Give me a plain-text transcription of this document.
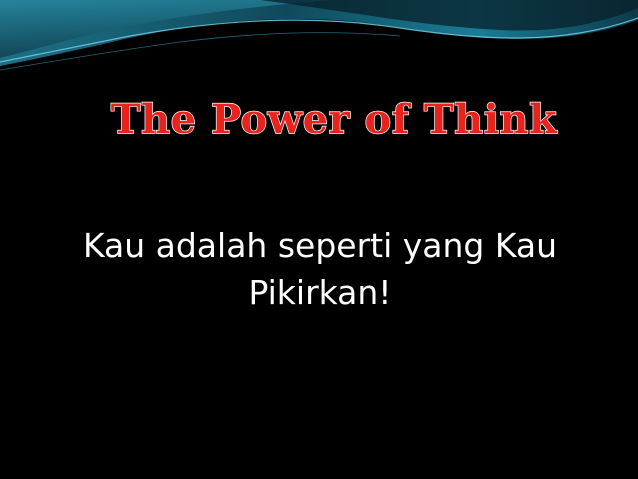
The Power of Think

Kau adalah seperti yang Kau
Pikirkan!
